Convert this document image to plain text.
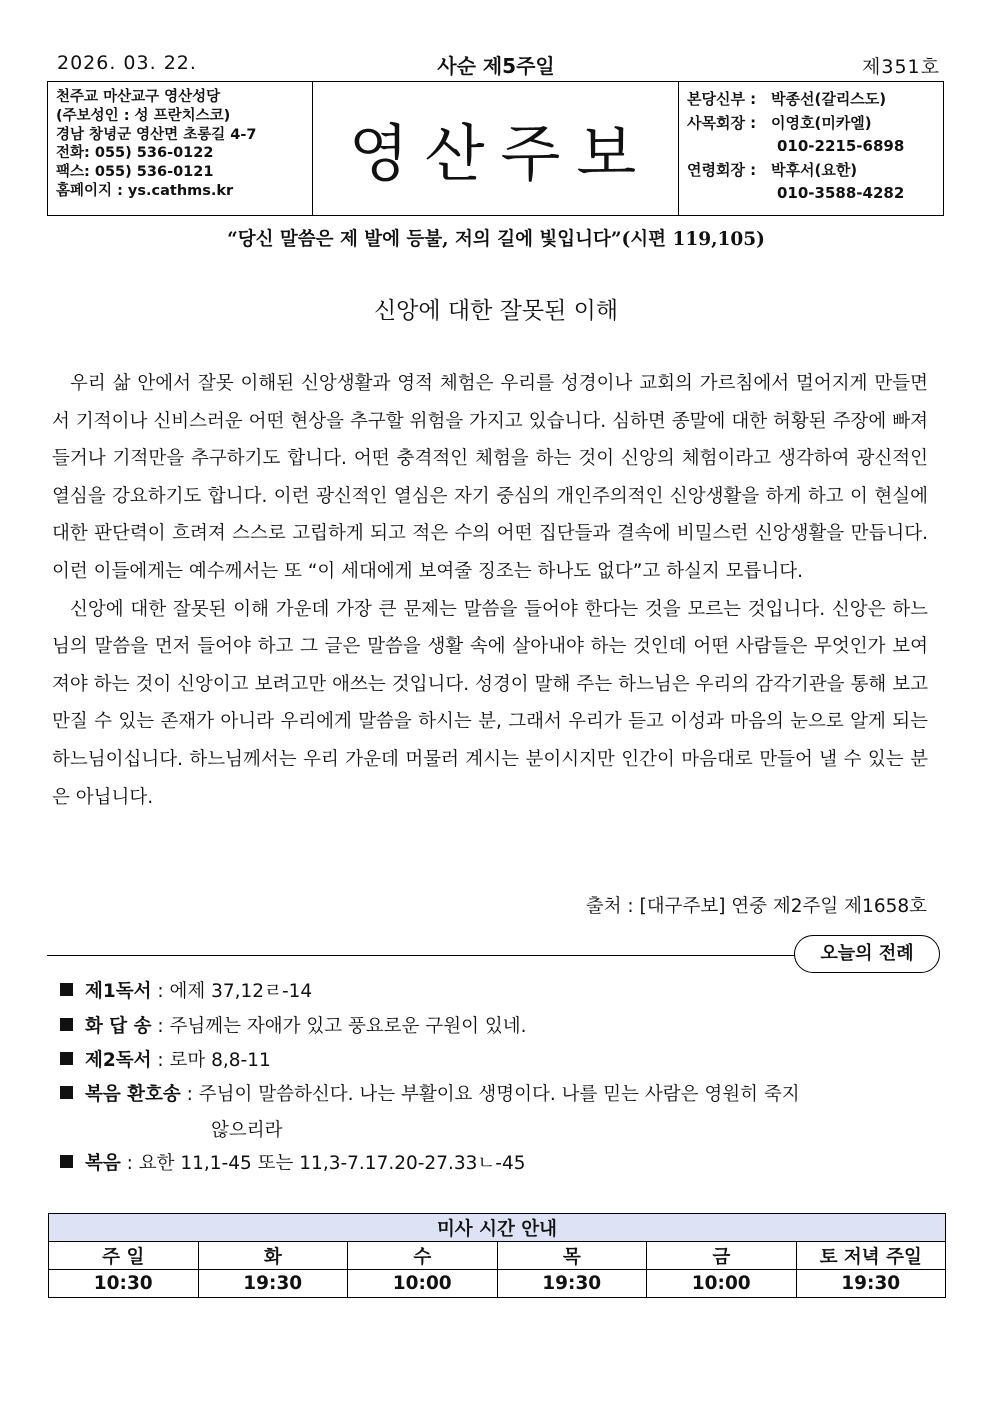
2026. 03. 22.	사순 제5주일	제351호
천주교 마산교구 영산성당
(주보성인 : 성 프란치스코)
경남 창녕군 영산면 초롱길 4-7
전화: 055) 536-0122
팩스: 055) 536-0121
홈페이지 : ys.cathms.kr
영산주보
본당신부 : 박종선(갈리스도)
사목회장 : 이영호(미카엘)
010-2215-6898
연령회장 : 박후서(요한)
010-3588-4282
“당신 말씀은 제 발에 등불, 저의 길에 빛입니다”(시편 119,105)
신앙에 대한 잘못된 이해

우리 삶 안에서 잘못 이해된 신앙생활과 영적 체험은 우리를 성경이나 교회의 가르침에서 멀어지게 만들면서 기적이나 신비스러운 어떤 현상을 추구할 위험을 가지고 있습니다. 심하면 종말에 대한 허황된 주장에 빠져들거나 기적만을 추구하기도 합니다. 어떤 충격적인 체험을 하는 것이 신앙의 체험이라고 생각하여 광신적인 열심을 강요하기도 합니다. 이런 광신적인 열심은 자기 중심의 개인주의적인 신앙생활을 하게 하고 이 현실에 대한 판단력이 흐려져 스스로 고립하게 되고 적은 수의 어떤 집단들과 결속에 비밀스런 신앙생활을 만듭니다. 이런 이들에게는 예수께서는 또 “이 세대에게 보여줄 징조는 하나도 없다”고 하실지 모릅니다.

신앙에 대한 잘못된 이해 가운데 가장 큰 문제는 말씀을 들어야 한다는 것을 모르는 것입니다. 신앙은 하느님의 말씀을 먼저 들어야 하고 그 글은 말씀을 생활 속에 살아내야 하는 것인데 어떤 사람들은 무엇인가 보여져야 하는 것이 신앙이고 보려고만 애쓰는 것입니다. 성경이 말해 주는 하느님은 우리의 감각기관을 통해 보고 만질 수 있는 존재가 아니라 우리에게 말씀을 하시는 분, 그래서 우리가 듣고 이성과 마음의 눈으로 알게 되는 하느님이십니다. 하느님께서는 우리 가운데 머물러 계시는 분이시지만 인간이 마음대로 만들어 낼 수 있는 분은 아닙니다.

출처 : [대구주보] 연중 제2주일 제1658호
오늘의 전례
제1독서 : 에제 37,12ㄹ-14
화 답 송 : 주님께는 자애가 있고 풍요로운 구원이 있네.
제2독서 : 로마 8,8-11
복음 환호송 : 주님이 말씀하신다. 나는 부활이요 생명이다. 나를 믿는 사람은 영원히 죽지
않으리라
복음 : 요한 11,1-45 또는 11,3-7.17.20-27.33ㄴ-45
미사 시간 안내					
주 일	화	수	목	금	토 저녁 주일
10:30	19:30	10:00	19:30	10:00	19:30
